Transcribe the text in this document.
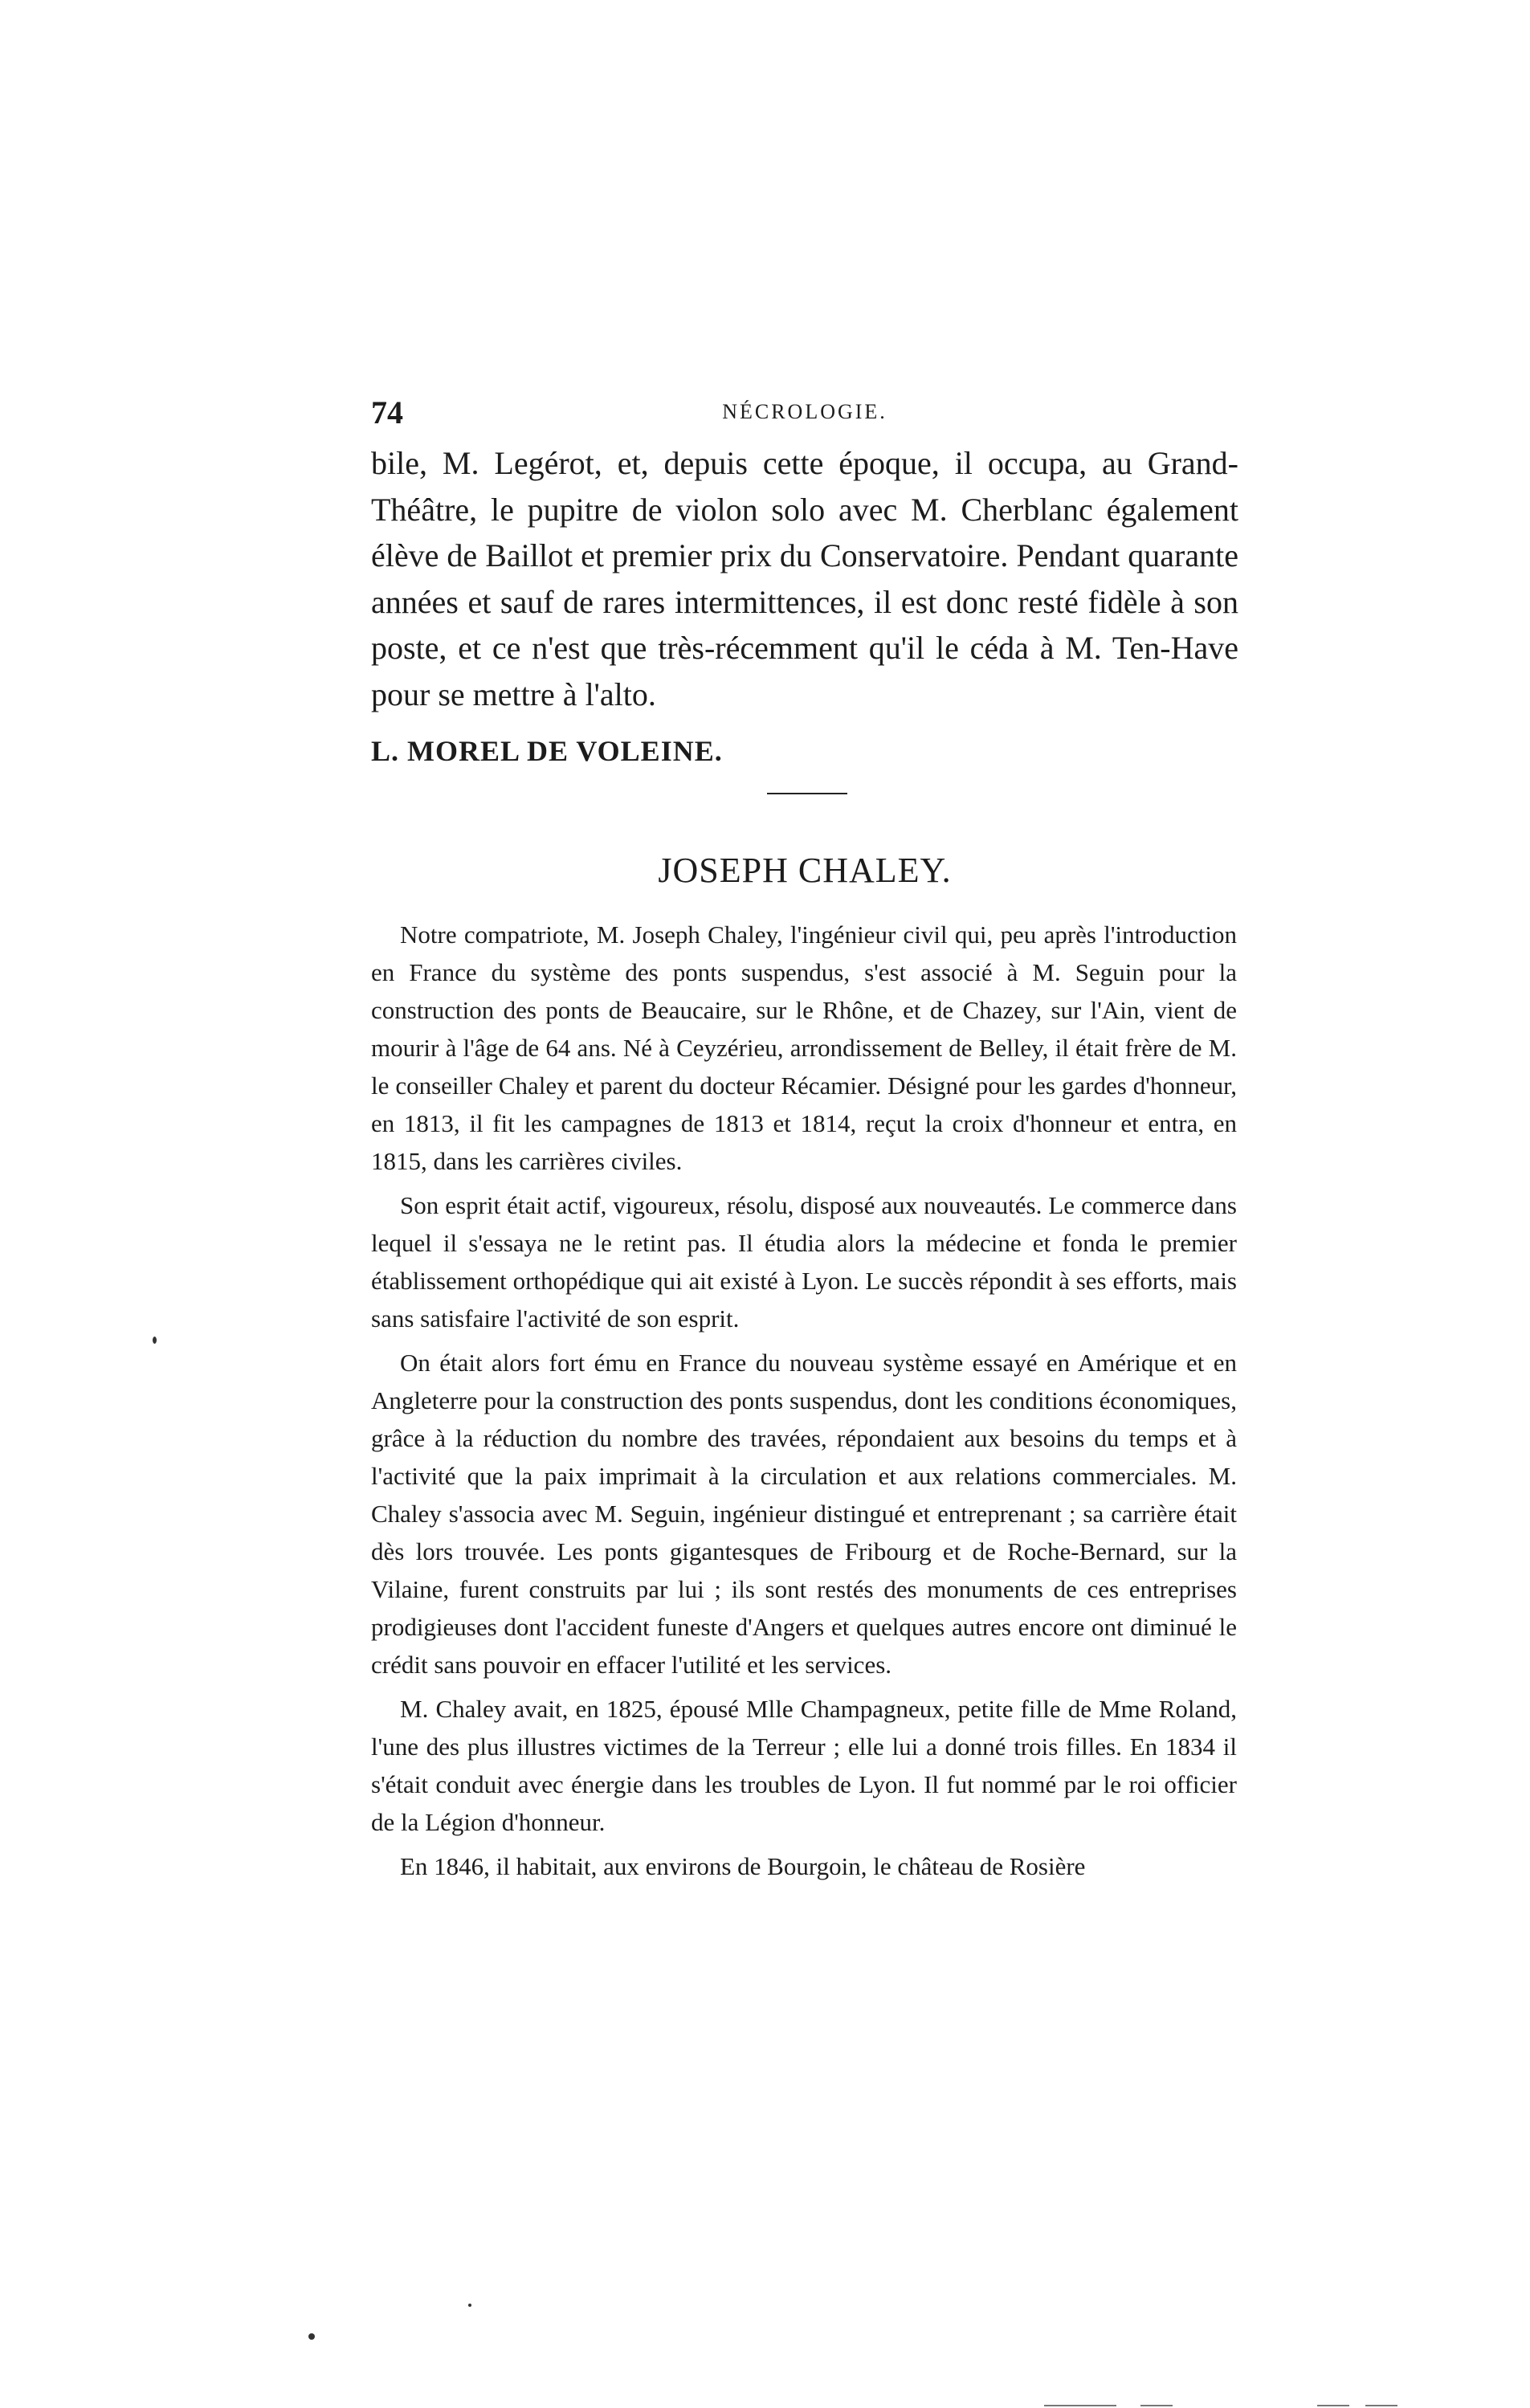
74	NÉCROLOGIE.

bile, M. Legérot, et, depuis cette époque, il occupa, au Grand-Théâtre, le pupitre de violon solo avec M. Cherblanc également élève de Baillot et premier prix du Conservatoire. Pendant quarante années et sauf de rares intermittences, il est donc resté fidèle à son poste, et ce n'est que très-récemment qu'il le céda à M. Ten-Have pour se mettre à l'alto.

L. MOREL DE VOLEINE.

JOSEPH CHALEY.

Notre compatriote, M. Joseph Chaley, l'ingénieur civil qui, peu après l'introduction en France du système des ponts suspendus, s'est associé à M. Seguin pour la construction des ponts de Beaucaire, sur le Rhône, et de Chazey, sur l'Ain, vient de mourir à l'âge de 64 ans. Né à Ceyzérieu, arrondissement de Belley, il était frère de M. le conseiller Chaley et parent du docteur Récamier. Désigné pour les gardes d'honneur, en 1813, il fit les campagnes de 1813 et 1814, reçut la croix d'honneur et entra, en 1815, dans les carrières civiles.

Son esprit était actif, vigoureux, résolu, disposé aux nouveautés. Le commerce dans lequel il s'essaya ne le retint pas. Il étudia alors la médecine et fonda le premier établissement orthopédique qui ait existé à Lyon. Le succès répondit à ses efforts, mais sans satisfaire l'activité de son esprit.

On était alors fort ému en France du nouveau système essayé en Amérique et en Angleterre pour la construction des ponts suspendus, dont les conditions économiques, grâce à la réduction du nombre des travées, répondaient aux besoins du temps et à l'activité que la paix imprimait à la circulation et aux relations commerciales. M. Chaley s'associa avec M. Seguin, ingénieur distingué et entreprenant ; sa carrière était dès lors trouvée. Les ponts gigantesques de Fribourg et de Roche-Bernard, sur la Vilaine, furent construits par lui ; ils sont restés des monuments de ces entreprises prodigieuses dont l'accident funeste d'Angers et quelques autres encore ont diminué le crédit sans pouvoir en effacer l'utilité et les services.

M. Chaley avait, en 1825, épousé Mlle Champagneux, petite fille de Mme Roland, l'une des plus illustres victimes de la Terreur ; elle lui a donné trois filles. En 1834 il s'était conduit avec énergie dans les troubles de Lyon. Il fut nommé par le roi officier de la Légion d'honneur.

En 1846, il habitait, aux environs de Bourgoin, le château de Rosière
